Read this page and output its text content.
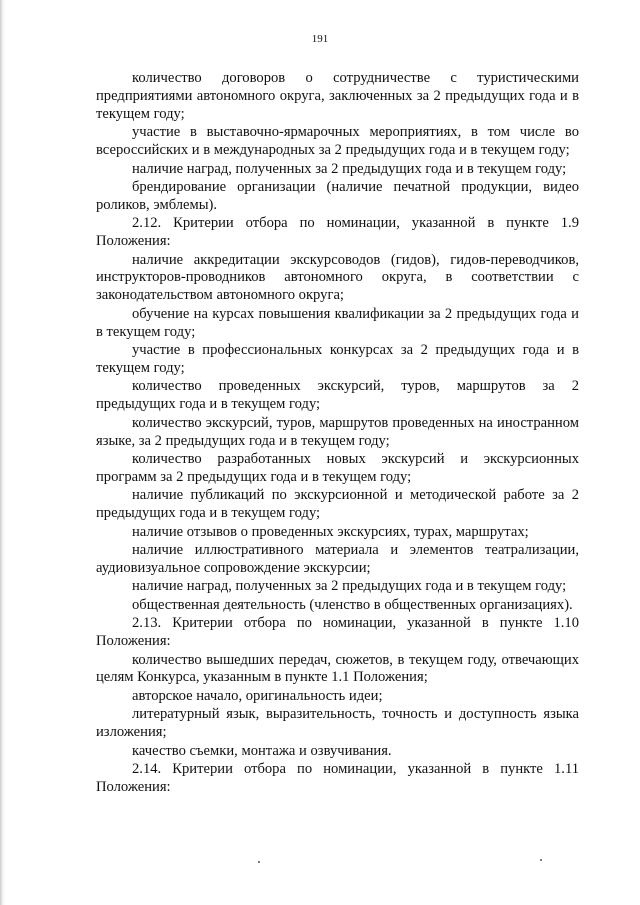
191

количество договоров о сотрудничестве с туристическими предприятиями автономного округа, заключенных за 2 предыдущих года и в текущем году;

участие в выставочно-ярмарочных мероприятиях, в том числе во всероссийских и в международных за 2 предыдущих года и в текущем году;

наличие наград, полученных за 2 предыдущих года и в текущем году;

брендирование организации (наличие печатной продукции, видео роликов, эмблемы).

2.12. Критерии отбора по номинации, указанной в пункте 1.9 Положения:

наличие аккредитации экскурсоводов (гидов), гидов-переводчиков, инструкторов-проводников автономного округа, в соответствии с законодательством автономного округа;

обучение на курсах повышения квалификации за 2 предыдущих года и в текущем году;

участие в профессиональных конкурсах за 2 предыдущих года и в текущем году;

количество проведенных экскурсий, туров, маршрутов за 2 предыдущих года и в текущем году;

количество экскурсий, туров, маршрутов проведенных на иностранном языке, за 2 предыдущих года и в текущем году;

количество разработанных новых экскурсий и экскурсионных программ за 2 предыдущих года и в текущем году;

наличие публикаций по экскурсионной и методической работе за 2 предыдущих года и в текущем году;

наличие отзывов о проведенных экскурсиях, турах, маршрутах;

наличие иллюстративного материала и элементов театрализации, аудиовизуальное сопровождение экскурсии;

наличие наград, полученных за 2 предыдущих года и в текущем году;

общественная деятельность (членство в общественных организациях).

2.13. Критерии отбора по номинации, указанной в пункте 1.10 Положения:

количество вышедших передач, сюжетов, в текущем году, отвечающих целям Конкурса, указанным в пункте 1.1 Положения;

авторское начало, оригинальность идеи;

литературный язык, выразительность, точность и доступность языка изложения;

качество съемки, монтажа и озвучивания.

2.14. Критерии отбора по номинации, указанной в пункте 1.11 Положения:
